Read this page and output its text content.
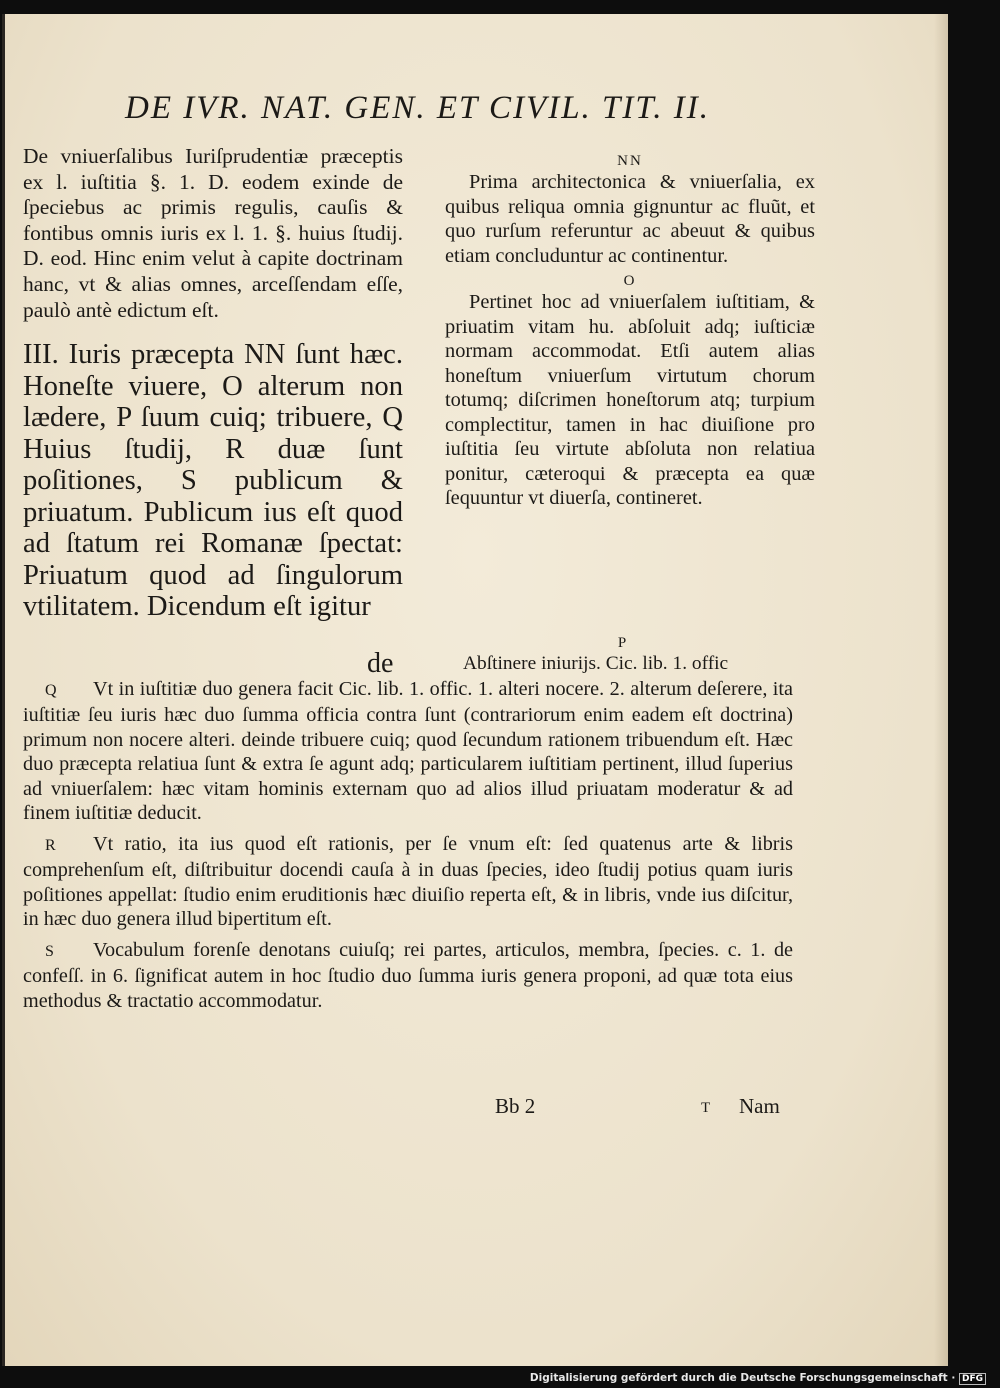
DE IVR. NAT. GEN. ET CIVIL. TIT. II.

De vniuerſalibus Iuriſprudentiæ præceptis ex l. iuſtitia §. 1. D. eodem exinde de ſpeciebus ac primis regulis, cauſis & fontibus omnis iuris ex l. 1. §. huius ſtudij. D. eod. Hinc enim velut à capite doctrinam hanc, vt & alias omnes, arceſſendam eſſe, paulò antè edictum eſt.

III. Iuris præcepta NN ſunt hæc. Honeſte viuere, O alterum non lædere, P ſuum cuiq; tribuere, Q Huius ſtudij, R duæ ſunt poſitiones, S publicum & priuatum. Publicum ius eſt quod ad ſtatum rei Romanæ ſpectat: Priuatum quod ad ſingulorum vtilitatem. Dicendum eſt igitur

de

NN

Prima architectonica & vniuerſalia, ex quibus reliqua omnia gignuntur ac fluũt, et quo rurſum referuntur ac abeuut & quibus etiam concluduntur ac continentur.

O

Pertinet hoc ad vniuerſalem iuſtitiam, & priuatim vitam hu. abſoluit adq; iuſticiæ normam accommodat. Etſi autem alias honeſtum vniuerſum virtutum chorum totumq; diſcrimen honeſtorum atq; turpium complectitur, tamen in hac diuiſione pro iuſtitia ſeu virtute abſoluta non relatiua ponitur, cæteroqui & præcepta ea quæ ſequuntur vt diuerſa, contineret.

P

Abſtinere iniurijs. Cic. lib. 1. offic

Q Vt in iuſtitiæ duo genera facit Cic. lib. 1. offic. 1. alteri nocere. 2. alterum deſerere, ita iuſtitiæ ſeu iuris hæc duo ſumma officia contra ſunt (contrariorum enim eadem eſt doctrina) primum non nocere alteri. deinde tribuere cuiq; quod ſecundum rationem tribuendum eſt. Hæc duo præcepta relatiua ſunt & extra ſe agunt adq; particularem iuſtitiam pertinent, illud ſuperius ad vniuerſalem: hæc vitam hominis externam quo ad alios illud priuatam moderatur & ad finem iuſtitiæ deducit.

R Vt ratio, ita ius quod eſt rationis, per ſe vnum eſt: ſed quatenus arte & libris comprehenſum eſt, diſtribuitur docendi cauſa à in duas ſpecies, ideo ſtudij potius quam iuris poſitiones appellat: ſtudio enim eruditionis hæc diuiſio reperta eſt, & in libris, vnde ius diſcitur, in hæc duo genera illud bipertitum eſt.

S Vocabulum forenſe denotans cuiuſq; rei partes, articulos, membra, ſpecies. c. 1. de confeſſ. in 6. ſignificat autem in hoc ſtudio duo ſumma iuris genera proponi, ad quæ tota eius methodus & tractatio accommodatur.

Bb 2	T Nam
Digitalisierung gefördert durch die Deutsche Forschungsgemeinschaft · DFG
